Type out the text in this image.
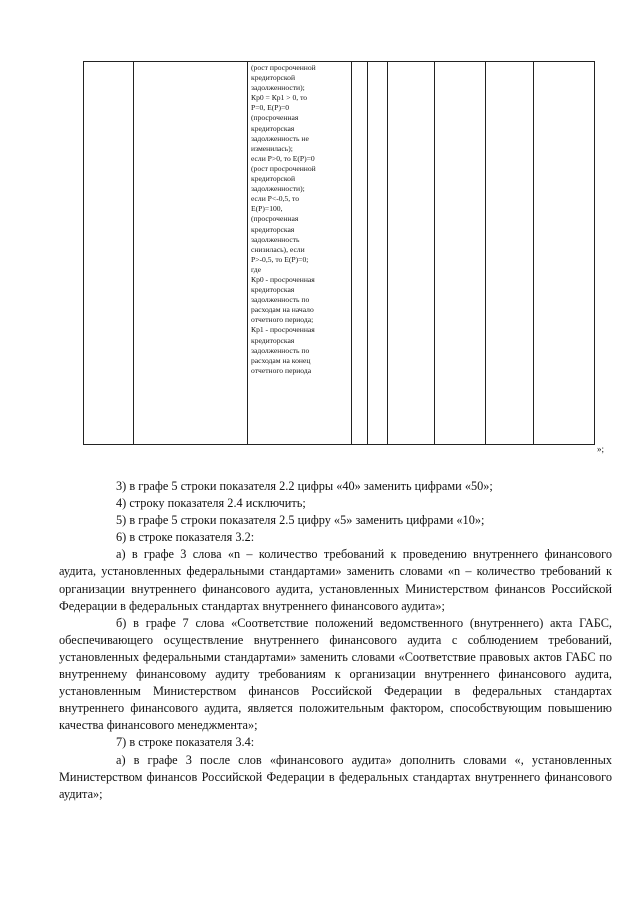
(рост просроченной
кредиторской
задолженности);
Кр0 = Кр1 > 0, то
Р=0, Е(Р)=0
(просроченная
кредиторская
задолженность не
изменилась);
если Р>0, то Е(Р)=0
(рост просроченной
кредиторской
задолженности);
если Р<-0,5, то
Е(Р)=100,
(просроченная
кредиторская
задолженность
снизилась), если
Р>-0,5, то Е(Р)=0;
где
Кр0 - просроченная
кредиторская
задолженность по
расходам на начало
отчетного периода;
Кр1 - просроченная
кредиторская
задолженность по
расходам на конец
отчетного периода

»;

3) в графе 5 строки показателя 2.2 цифры «40» заменить цифрами «50»;

4) строку показателя 2.4 исключить;

5) в графе 5 строки показателя 2.5 цифру «5» заменить цифрами «10»;

6) в строке показателя 3.2:

а) в графе 3 слова «n – количество требований к проведению внутреннего финансового аудита, установленных федеральными стандартами» заменить словами «n – количество требований к организации внутреннего финансового аудита, установленных Министерством финансов Российской Федерации в федеральных стандартах внутреннего финансового аудита»;

б) в графе 7 слова «Соответствие положений ведомственного (внутреннего) акта ГАБС, обеспечивающего осуществление внутреннего финансового аудита с соблюдением требований, установленных федеральными стандартами» заменить словами «Соответствие правовых актов ГАБС по внутреннему финансовому аудиту требованиям к организации внутреннего финансового аудита, установленным Министерством финансов Российской Федерации в федеральных стандартах внутреннего финансового аудита, является положительным фактором, способствующим повышению качества финансового менеджмента»;

7) в строке показателя 3.4:

а) в графе 3 после слов «финансового аудита» дополнить словами «, установленных Министерством финансов Российской Федерации в федеральных стандартах внутреннего финансового аудита»;
